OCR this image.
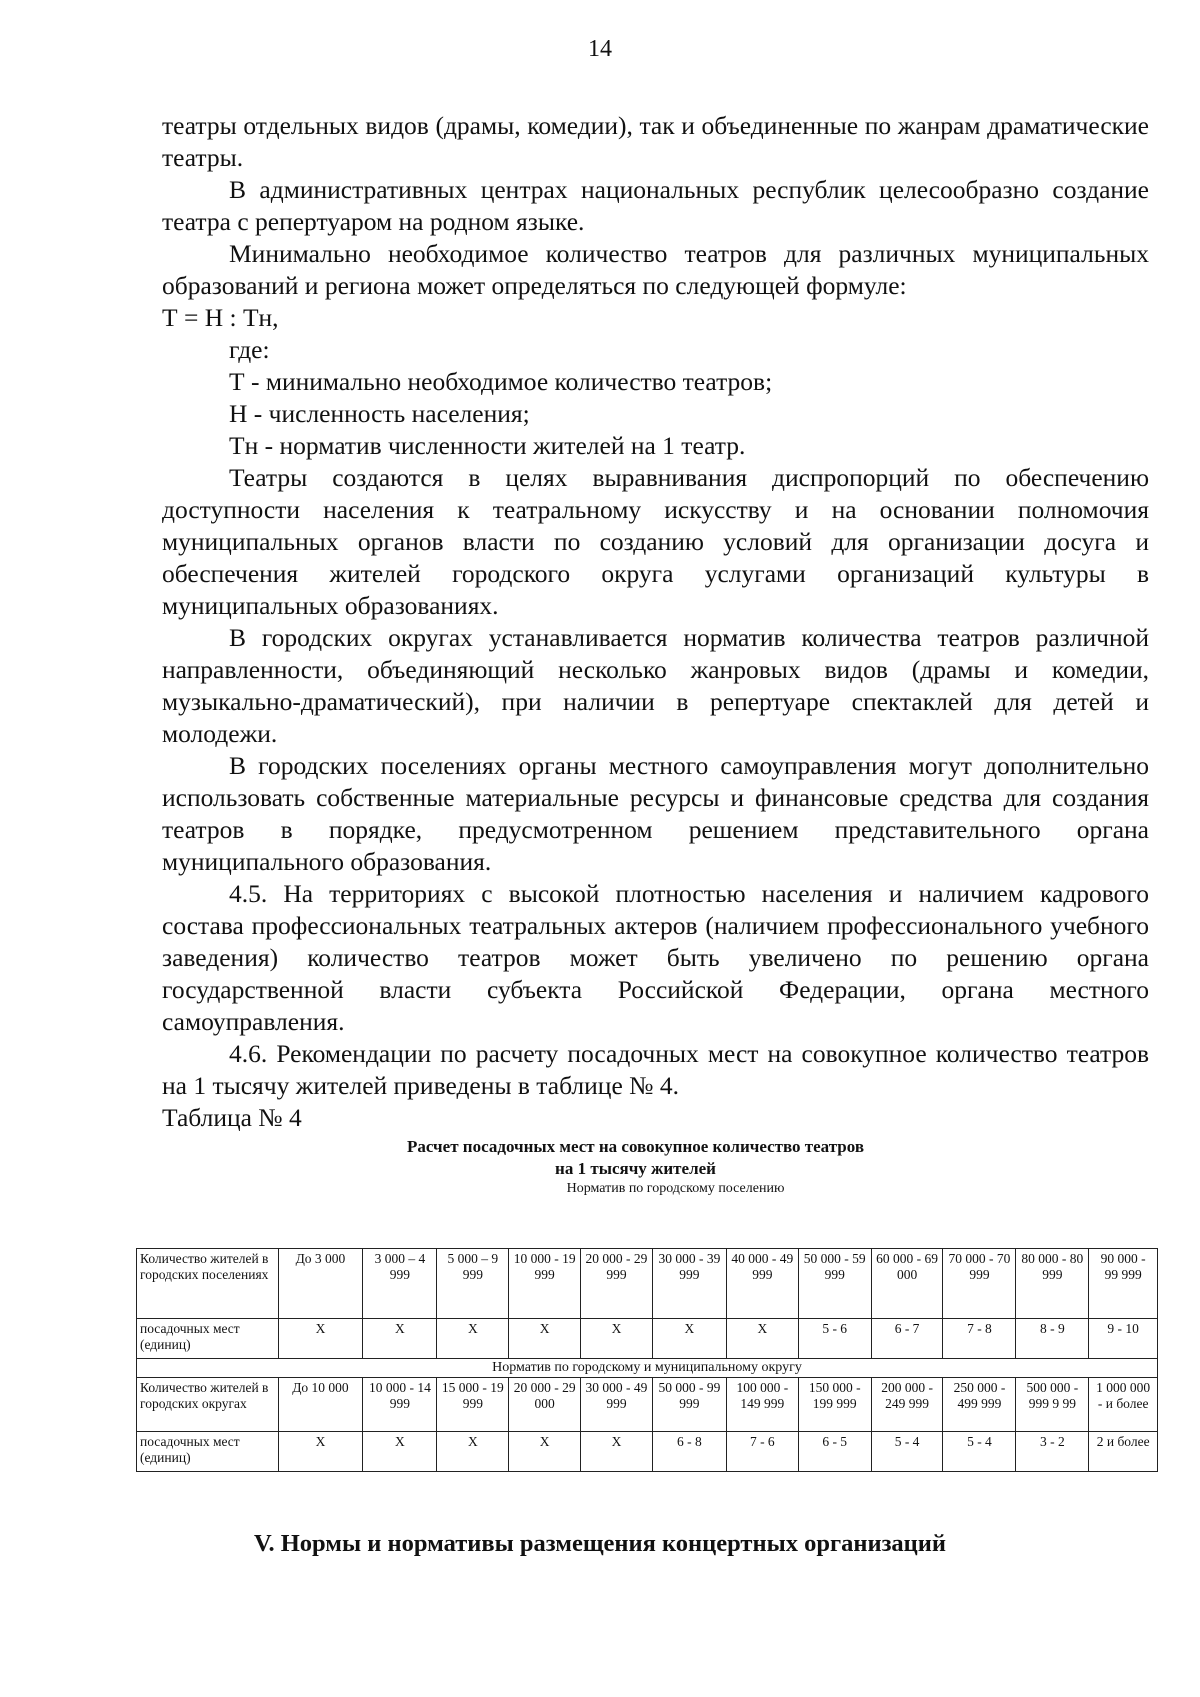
14

театры отдельных видов (драмы, комедии), так и объединенные по жанрам драматические театры.

В административных центрах национальных республик целесообразно создание театра с репертуаром на родном языке.

Минимально необходимое количество театров для различных муниципальных образований и региона может определяться по следующей формуле:

Т = Н : Тн,

где:

Т - минимально необходимое количество театров;

Н - численность населения;

Тн - норматив численности жителей на 1 театр.

Театры создаются в целях выравнивания диспропорций по обеспечению доступности населения к театральному искусству и на основании полномочия муниципальных органов власти по созданию условий для организации досуга и обеспечения жителей городского округа услугами организаций культуры в муниципальных образованиях.

В городских округах устанавливается норматив количества театров различной направленности, объединяющий несколько жанровых видов (драмы и комедии, музыкально-драматический), при наличии в репертуаре спектаклей для детей и молодежи.

В городских поселениях органы местного самоуправления могут дополнительно использовать собственные материальные ресурсы и финансовые средства для создания театров в порядке, предусмотренном решением представительного органа муниципального образования.

4.5. На территориях с высокой плотностью населения и наличием кадрового состава профессиональных театральных актеров (наличием профессионального учебного заведения) количество театров может быть увеличено по решению органа государственной власти субъекта Российской Федерации, органа местного самоуправления.

4.6. Рекомендации по расчету посадочных мест на совокупное количество театров на 1 тысячу жителей приведены в таблице № 4.

Таблица № 4

Расчет посадочных мест на совокупное количество театров
на 1 тысячу жителей
Норматив по городскому поселению
Количество жителей в городских поселениях	До 3 000	3 000 – 4 999	5 000 – 9 999	10 000 - 19 999	20 000 - 29 999	30 000 - 39 999	40 000 - 49 999	50 000 - 59 999	60 000 - 69 000	70 000 - 70 999	80 000 - 80 999	90 000 - 99 999
посадочных мест (единиц)	Х	Х	Х	Х	Х	Х	Х	5 - 6	6 - 7	7 - 8	8 - 9	9 - 10
Норматив по городскому и муниципальному округу												
Количество жителей в городских округах	До 10 000	10 000 - 14 999	15 000 - 19 999	20 000 - 29 000	30 000 - 49 999	50 000 - 99 999	100 000 - 149 999	150 000 - 199 999	200 000 - 249 999	250 000 - 499 999	500 000 - 999 9 99	1 000 000 - и более
посадочных мест (единиц)	Х	Х	Х	Х	Х	6 - 8	7 - 6	6 - 5	5 - 4	5 - 4	3 - 2	2 и более
V. Нормы и нормативы размещения концертных организаций
